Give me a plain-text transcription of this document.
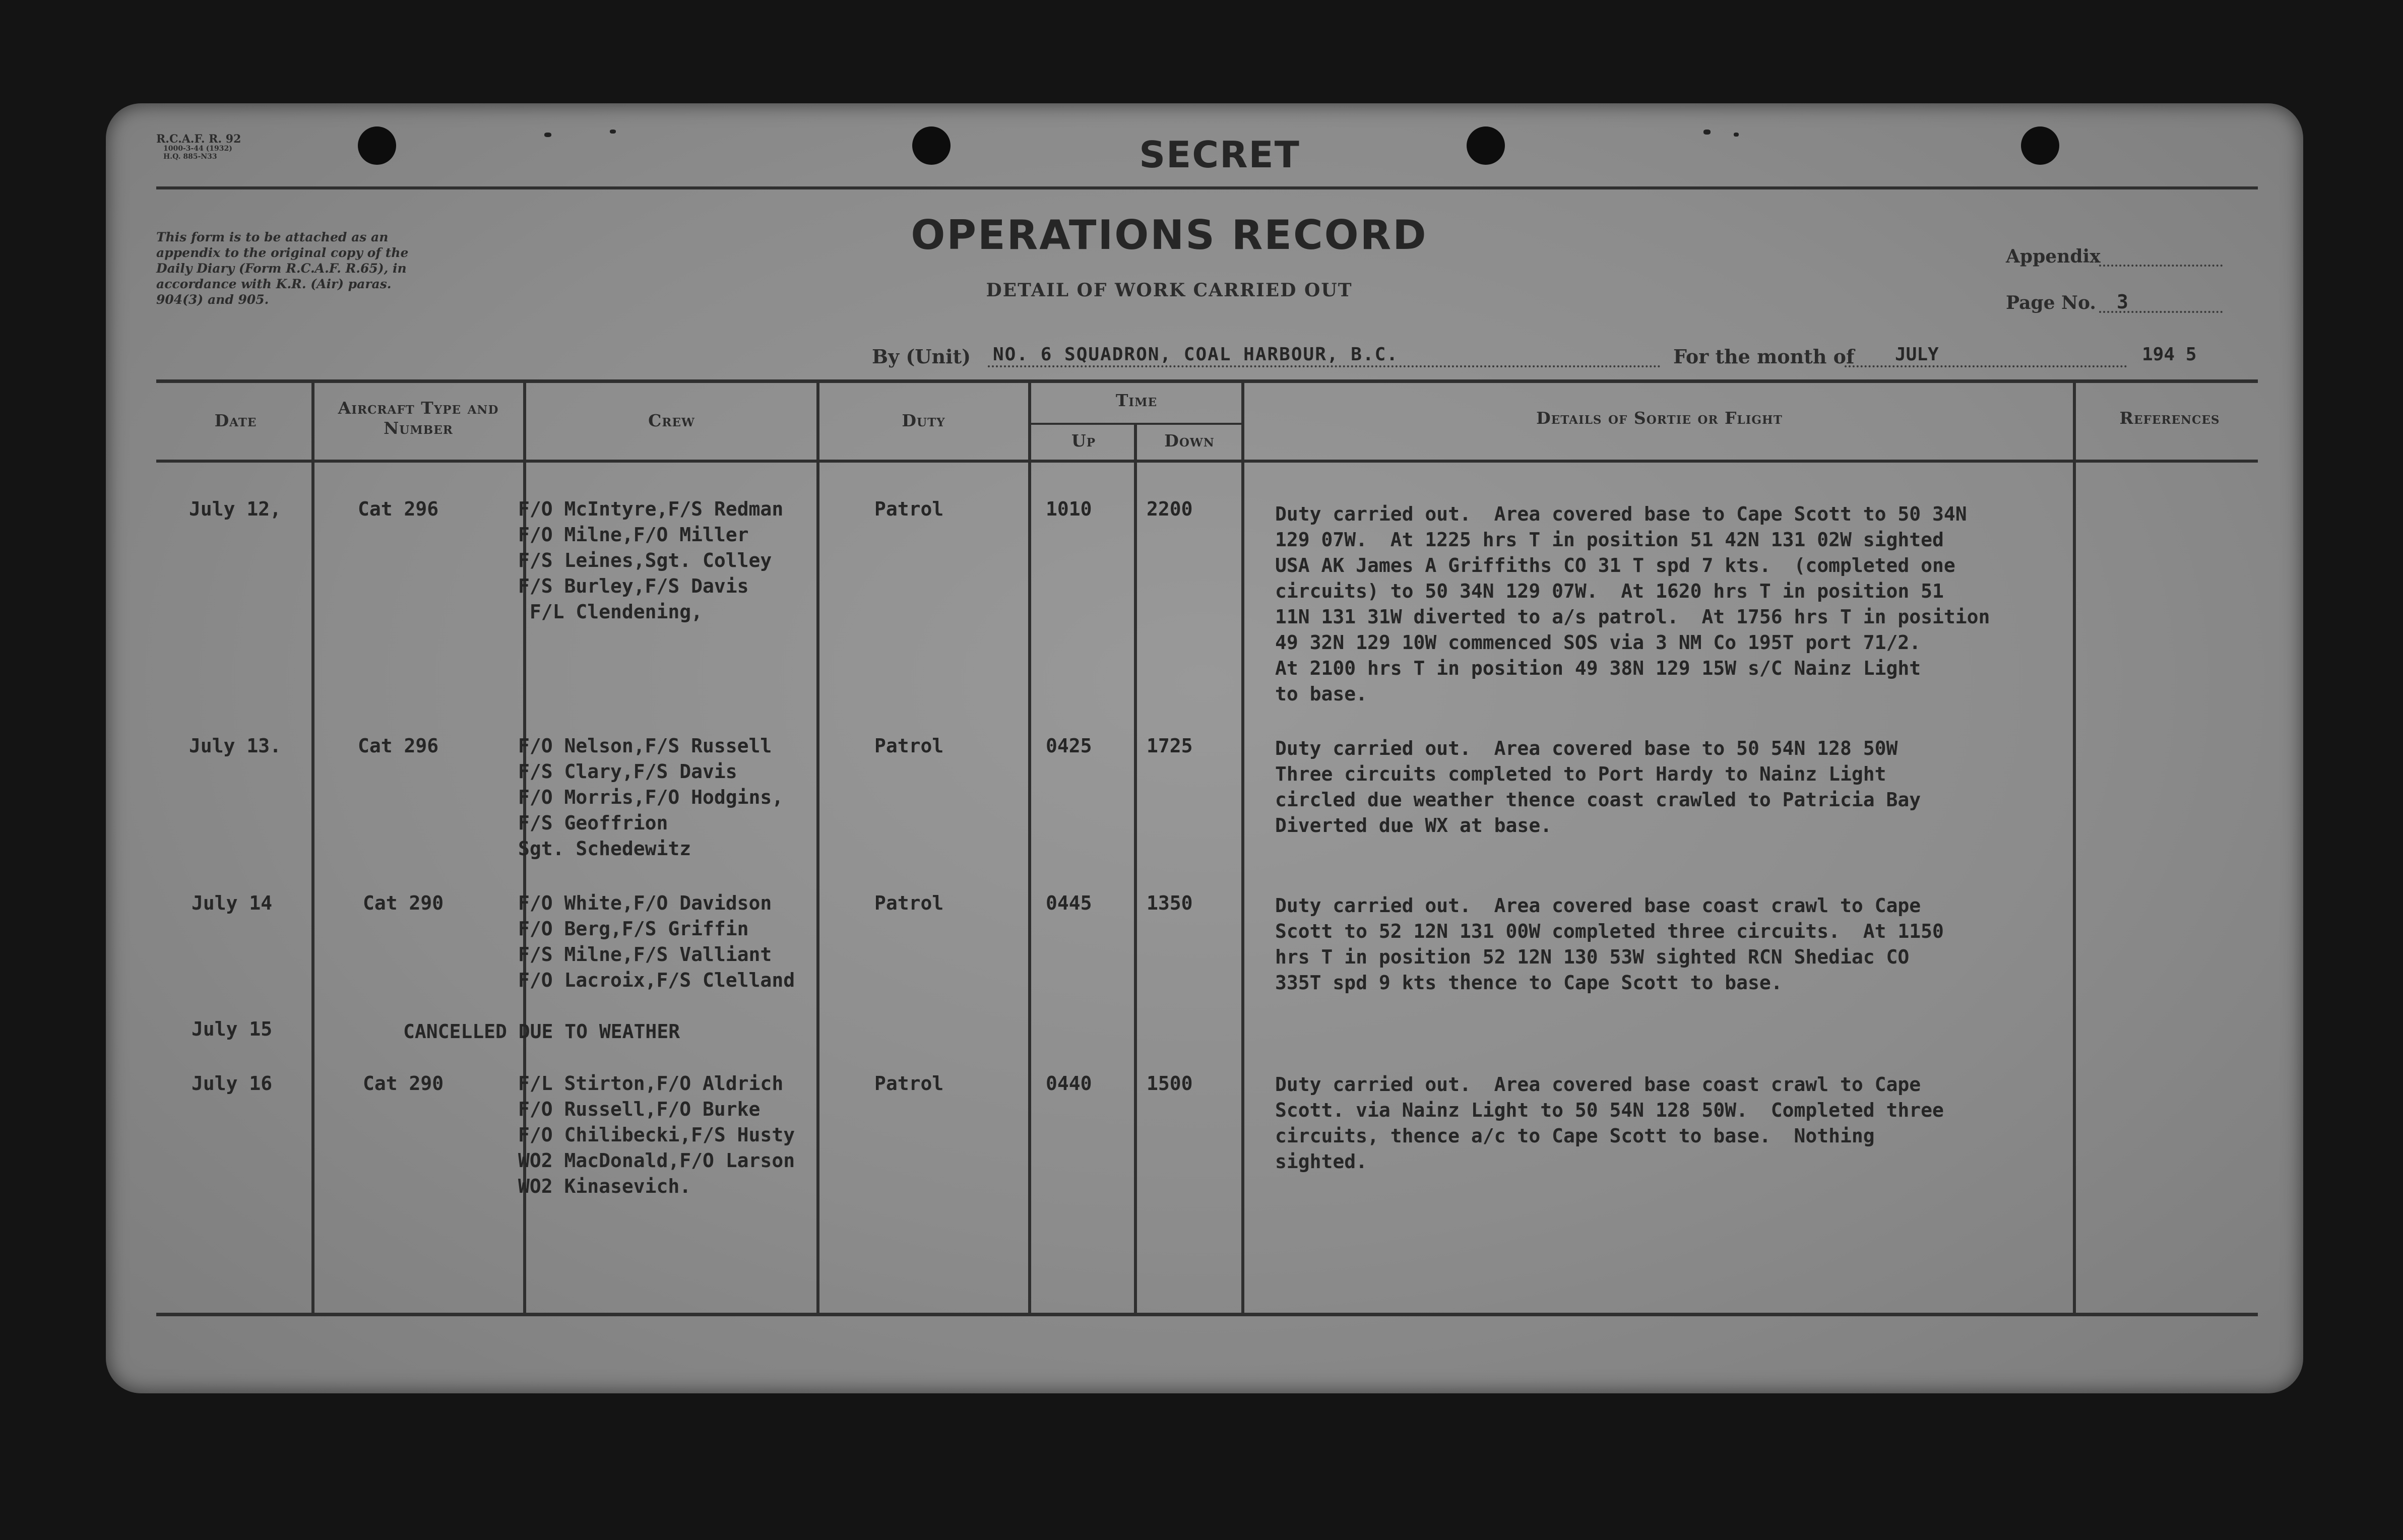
R.C.A.F. R. 92
1000-3-44 (1932)
H.Q. 885-N33	SECRET
This form is to be attached as an appendix to the original copy of the Daily Diary (Form R.C.A.F. R.65), in accordance with K.R. (Air) paras. 904(3) and 905.
OPERATIONS RECORD
DETAIL OF WORK CARRIED OUT
Appendix
Page No. 3
By (Unit) NO. 6 SQUADRON, COAL HARBOUR, B.C.	For the month of JULY	194 5
Date
Aircraft Type and Number	Crew	Duty
Time
Up	Down
Details of Sortie or Flight	References
July 12,	Cat 296	F/O McIntyre,F/S Redman
F/O Milne,F/O Miller
F/S Leines,Sgt. Colley
F/S Burley,F/S Davis
F/L Clendening,
Patrol	1010	2200	Duty carried out.  Area covered base to Cape Scott to 50 34N
129 07W.  At 1225 hrs T in position 51 42N 131 02W sighted
USA AK James A Griffiths CO 31 T spd 7 kts.  (completed one
circuits) to 50 34N 129 07W.  At 1620 hrs T in position 51
11N 131 31W diverted to a/s patrol.  At 1756 hrs T in position
49 32N 129 10W commenced SOS via 3 NM Co 195T port 71/2.
At 2100 hrs T in position 49 38N 129 15W s/C Nainz Light
to base.
July 13.	Cat 296	F/O Nelson,F/S Russell
F/S Clary,F/S Davis
F/O Morris,F/O Hodgins,
F/S Geoffrion
Sgt. Schedewitz
Patrol	0425	1725	Duty carried out.  Area covered base to 50 54N 128 50W
Three circuits completed to Port Hardy to Nainz Light
circled due weather thence coast crawled to Patricia Bay
Diverted due WX at base.
July 14	Cat 290	F/O White,F/O Davidson
F/O Berg,F/S Griffin
F/S Milne,F/S Valliant
F/O Lacroix,F/S Clelland
Patrol	0445	1350	Duty carried out.  Area covered base coast crawl to Cape
Scott to 52 12N 131 00W completed three circuits.  At 1150
hrs T in position 52 12N 130 53W sighted RCN Shediac CO
335T spd 9 kts thence to Cape Scott to base.
July 15	CANCELLED DUE TO WEATHER
July 16	Cat 290	F/L Stirton,F/O Aldrich
F/O Russell,F/O Burke
F/O Chilibecki,F/S Husty
WO2 MacDonald,F/O Larson
WO2 Kinasevich.
Patrol	0440	1500	Duty carried out.  Area covered base coast crawl to Cape
Scott. via Nainz Light to 50 54N 128 50W.  Completed three
circuits, thence a/c to Cape Scott to base.  Nothing
sighted.
